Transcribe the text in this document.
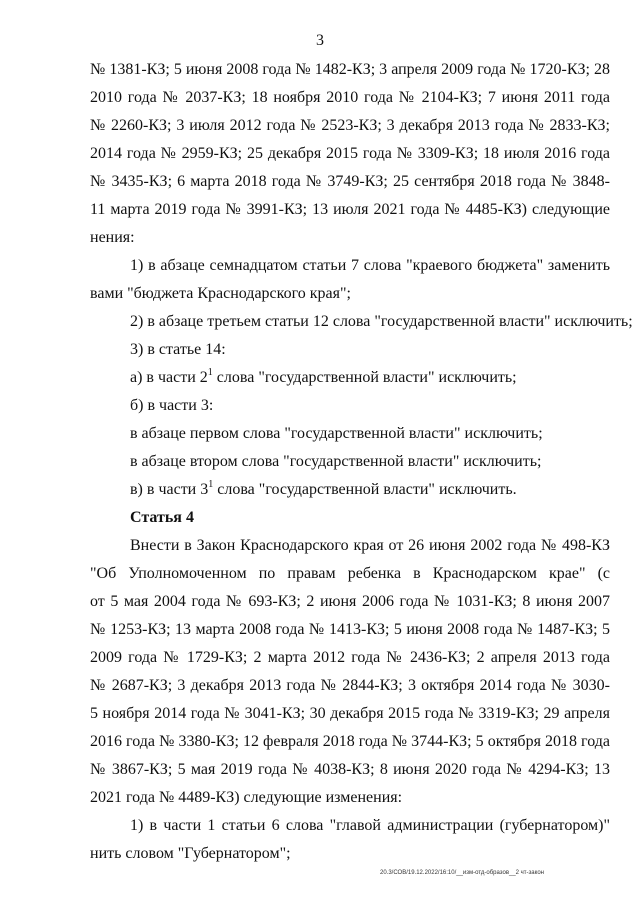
3
№ 1381-КЗ; 5 июня 2008 года № 1482-КЗ; 3 апреля 2009 года № 1720-КЗ; 28
2010 года № 2037-КЗ; 18 ноября 2010 года № 2104-КЗ; 7 июня 2011 года
№ 2260-КЗ; 3 июля 2012 года № 2523-КЗ; 3 декабря 2013 года № 2833-КЗ;
2014 года № 2959-КЗ; 25 декабря 2015 года № 3309-КЗ; 18 июля 2016 года
№ 3435-КЗ; 6 марта 2018 года № 3749-КЗ; 25 сентября 2018 года № 3848-
11 марта 2019 года № 3991-КЗ; 13 июля 2021 года № 4485-КЗ) следующие
нения:
1) в абзаце семнадцатом статьи 7 слова "краевого бюджета" заменить
вами "бюджета Краснодарского края";
2) в абзаце третьем статьи 12 слова "государственной власти" исключить;
3) в статье 14:
а) в части $2^1$ слова "государственной власти" исключить;
б) в части 3:
в абзаце первом слова "государственной власти" исключить;
в абзаце втором слова "государственной власти" исключить;
в) в части $3^1$ слова "государственной власти" исключить.
Статья 4
Внести в Закон Краснодарского края от 26 июня 2002 года № 498-КЗ
"Об Уполномоченном по правам ребенка в Краснодарском крае" (с
от 5 мая 2004 года № 693-КЗ; 2 июня 2006 года № 1031-КЗ; 8 июня 2007
№ 1253-КЗ; 13 марта 2008 года № 1413-КЗ; 5 июня 2008 года № 1487-КЗ; 5
2009 года № 1729-КЗ; 2 марта 2012 года № 2436-КЗ; 2 апреля 2013 года
№ 2687-КЗ; 3 декабря 2013 года № 2844-КЗ; 3 октября 2014 года № 3030-
5 ноября 2014 года № 3041-КЗ; 30 декабря 2015 года № 3319-КЗ; 29 апреля
2016 года № 3380-КЗ; 12 февраля 2018 года № 3744-КЗ; 5 октября 2018 года
№ 3867-КЗ; 5 мая 2019 года № 4038-КЗ; 8 июня 2020 года № 4294-КЗ; 13
2021 года № 4489-КЗ) следующие изменения:
1) в части 1 статьи 6 слова "главой администрации (губернатором)"
нить словом "Губернатором";
20.3/СОВ/19.12.2022/16:10/__изм-отд-образов__2 чт-закон
